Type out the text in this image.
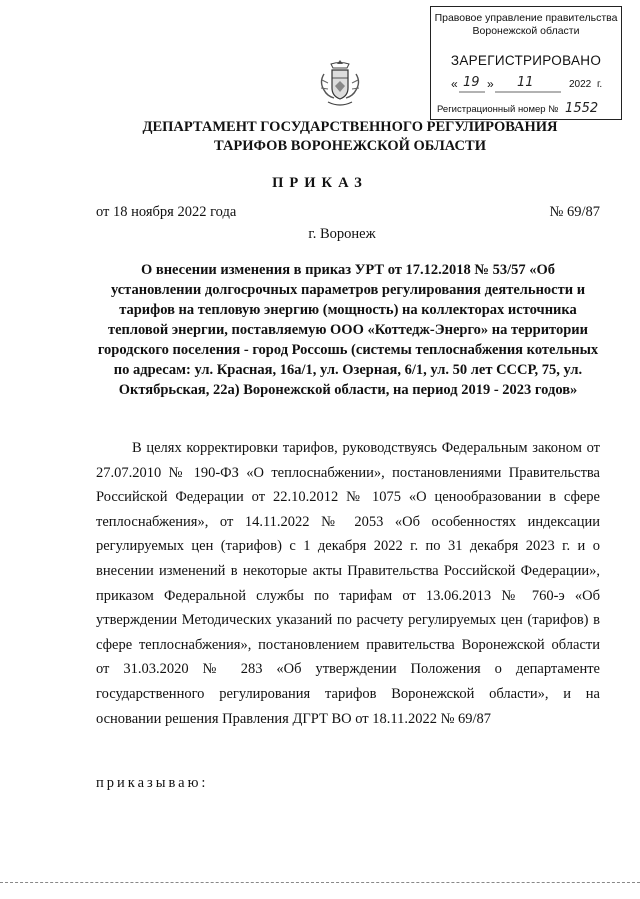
Правовое управление правительства
Воронежской области
ЗАРЕГИСТРИРОВАНО
« 19 » 11	2022 г.
Регистрационный номер № 1552
ДЕПАРТАМЕНТ ГОСУДАРСТВЕННОГО РЕГУЛИРОВАНИЯ
ТАРИФОВ ВОРОНЕЖСКОЙ ОБЛАСТИ
ПРИКАЗ
от 18 ноября 2022 года	№ 69/87
г. Воронеж
О внесении изменения в приказ УРТ от 17.12.2018 № 53/57 «Об установлении долгосрочных параметров регулирования деятельности и тарифов на тепловую энергию (мощность) на коллекторах источника тепловой энергии, поставляемую ООО «Коттедж-Энерго» на территории городского поселения - город Россошь (системы теплоснабжения котельных по адресам: ул. Красная, 16а/1, ул. Озерная, 6/1, ул. 50 лет СССР, 75, ул. Октябрьская, 22а) Воронежской области, на период 2019 - 2023 годов»

В целях корректировки тарифов, руководствуясь Федеральным законом от 27.07.2010 № 190-ФЗ «О теплоснабжении», постановлениями Правительства Российской Федерации от 22.10.2012 № 1075 «О ценообразовании в сфере теплоснабжения», от 14.11.2022 № 2053 «Об особенностях индексации регулируемых цен (тарифов) с 1 декабря 2022 г. по 31 декабря 2023 г. и о внесении изменений в некоторые акты Правительства Российской Федерации», приказом Федеральной службы по тарифам от 13.06.2013 № 760-э «Об утверждении Методических указаний по расчету регулируемых цен (тарифов) в сфере теплоснабжения», постановлением правительства Воронежской области от 31.03.2020 № 283 «Об утверждении Положения о департаменте государственного регулирования тарифов Воронежской области», и на основании решения Правления ДГРТ ВО от 18.11.2022 № 69/87

приказываю:
